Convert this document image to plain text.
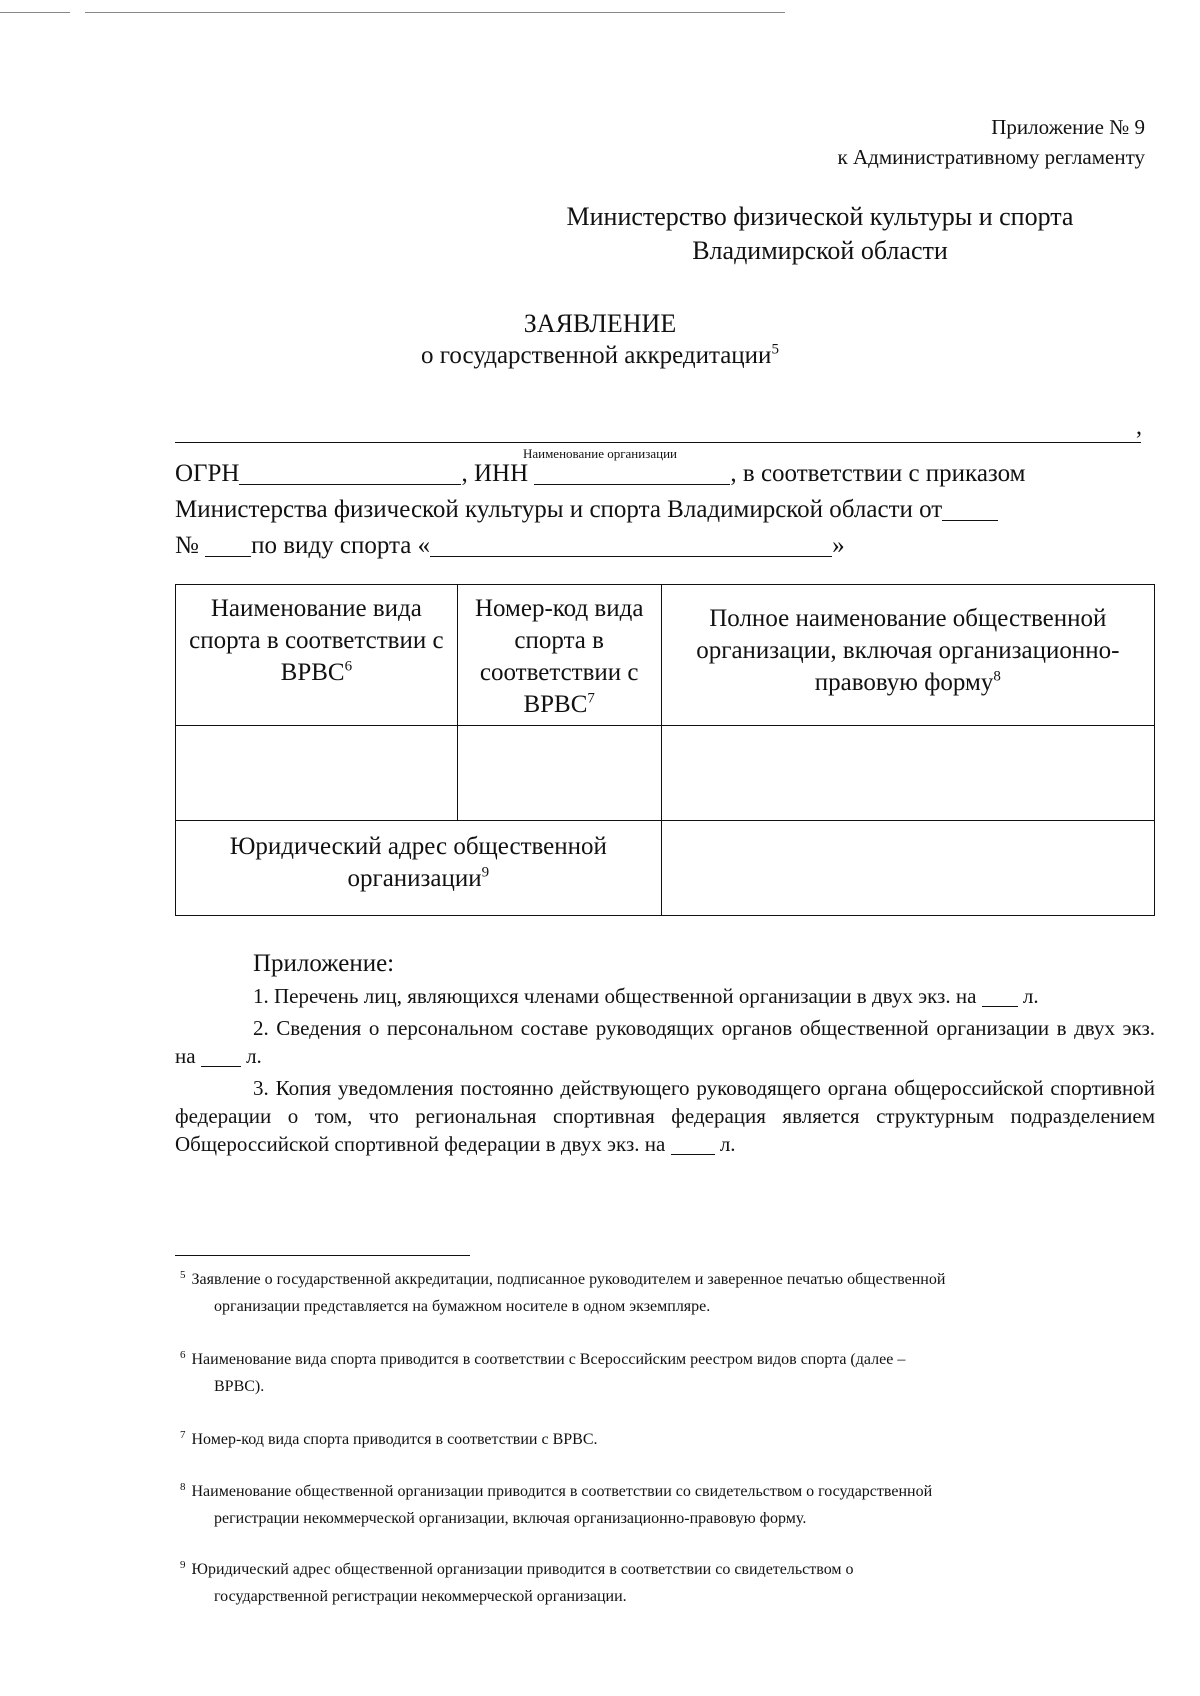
Приложение № 9
к Административному регламенту
Министерство физической культуры и спорта
Владимирской области
ЗАЯВЛЕНИЕ
о государственной аккредитации$^5$
,
Наименование организации
ОГРН	, ИНН	, в соответствии с приказом
Министерства физической культуры и спорта Владимирской области от
№ по виду спорта «	»
Наименование вида спорта в соответствии с ВРВС$^6$	Номер-код вида спорта в соответствии с ВРВС$^7$	Полное наименование общественной организации, включая организационно-правовую форму$^8$

Юридический адрес общественной организации$^9$	
Приложение:

1. Перечень лиц, являющихся членами общественной организации в двух экз. на л.

2. Сведения о персональном составе руководящих органов общественной организации в двух экз. на л.

3. Копия уведомления постоянно действующего руководящего органа общероссийской спортивной федерации о том, что региональная спортивная федерация является структурным подразделением Общероссийской спортивной федерации в двух экз. на	л.

$^5$ Заявление о государственной аккредитации, подписанное руководителем и заверенное печатью общественной
организации представляется на бумажном носителе в одном экземпляре.
$^6$ Наименование вида спорта приводится в соответствии с Всероссийским реестром видов спорта (далее –
ВРВС).
$^7$ Номер-код вида спорта приводится в соответствии с ВРВС.
$^8$ Наименование общественной организации приводится в соответствии со свидетельством о государственной
регистрации некоммерческой организации, включая организационно-правовую форму.
$^9$ Юридический адрес общественной организации приводится в соответствии со свидетельством о
государственной регистрации некоммерческой организации.
